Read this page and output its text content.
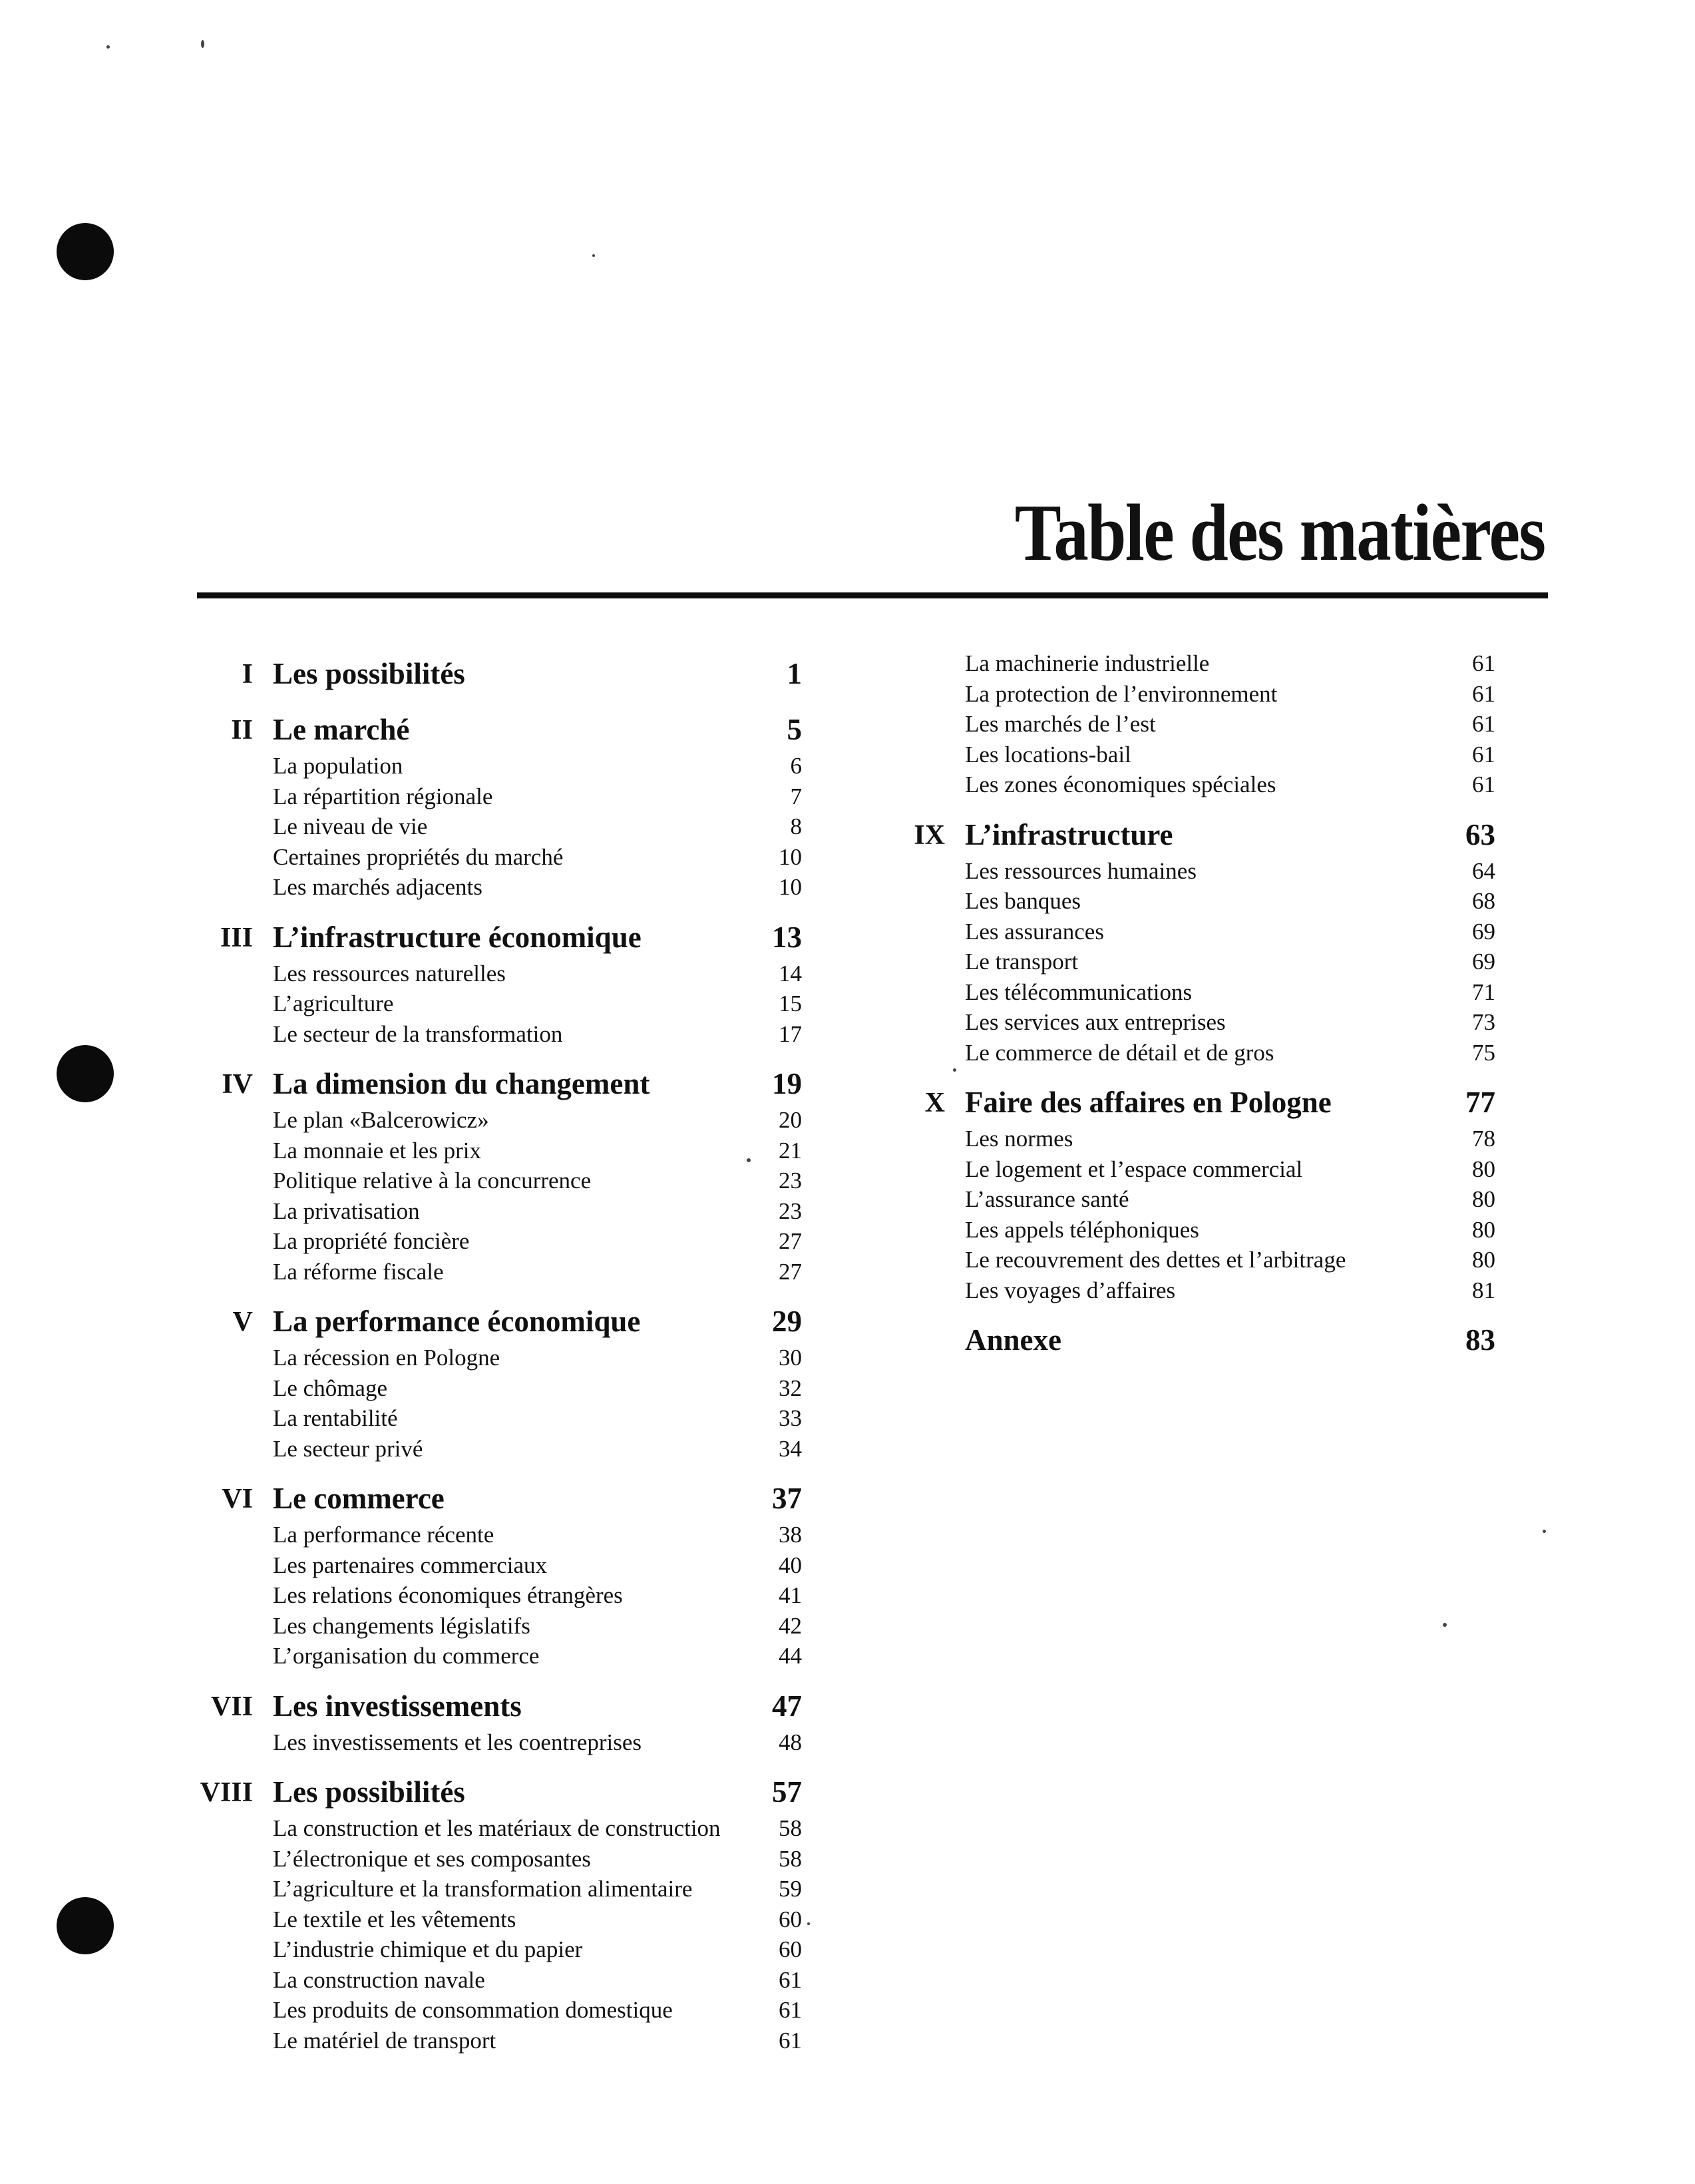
Table des matières
I Les possibilités	1
II Le marché	5
La population	6
La répartition régionale	7
Le niveau de vie	8
Certaines propriétés du marché	10
Les marchés adjacents	10
III L’infrastructure économique	13
Les ressources naturelles	14
L’agriculture	15
Le secteur de la transformation	17
IV La dimension du changement	19
Le plan «Balcerowicz»	20
La monnaie et les prix	21
Politique relative à la concurrence	23
La privatisation	23
La propriété foncière	27
La réforme fiscale	27
V La performance économique	29
La récession en Pologne	30
Le chômage	32
La rentabilité	33
Le secteur privé	34
VI Le commerce	37
La performance récente	38
Les partenaires commerciaux	40
Les relations économiques étrangères	41
Les changements législatifs	42
L’organisation du commerce	44
VII Les investissements	47
Les investissements et les coentreprises	48
VIII Les possibilités	57
La construction et les matériaux de construction 58
L’électronique et ses composantes	58
L’agriculture et la transformation alimentaire	59
Le textile et les vêtements	60
L’industrie chimique et du papier	60
La construction navale	61
Les produits de consommation domestique	61
Le matériel de transport	61
La machinerie industrielle	61
La protection de l’environnement	61
Les marchés de l’est	61
Les locations-bail	61
Les zones économiques spéciales	61
IX L’infrastructure	63
Les ressources humaines	64
Les banques	68
Les assurances	69
Le transport	69
Les télécommunications	71
Les services aux entreprises	73
Le commerce de détail et de gros	75
X Faire des affaires en Pologne	77
Les normes	78
Le logement et l’espace commercial	80
L’assurance santé	80
Les appels téléphoniques	80
Le recouvrement des dettes et l’arbitrage	80
Les voyages d’affaires	81
Annexe	83
